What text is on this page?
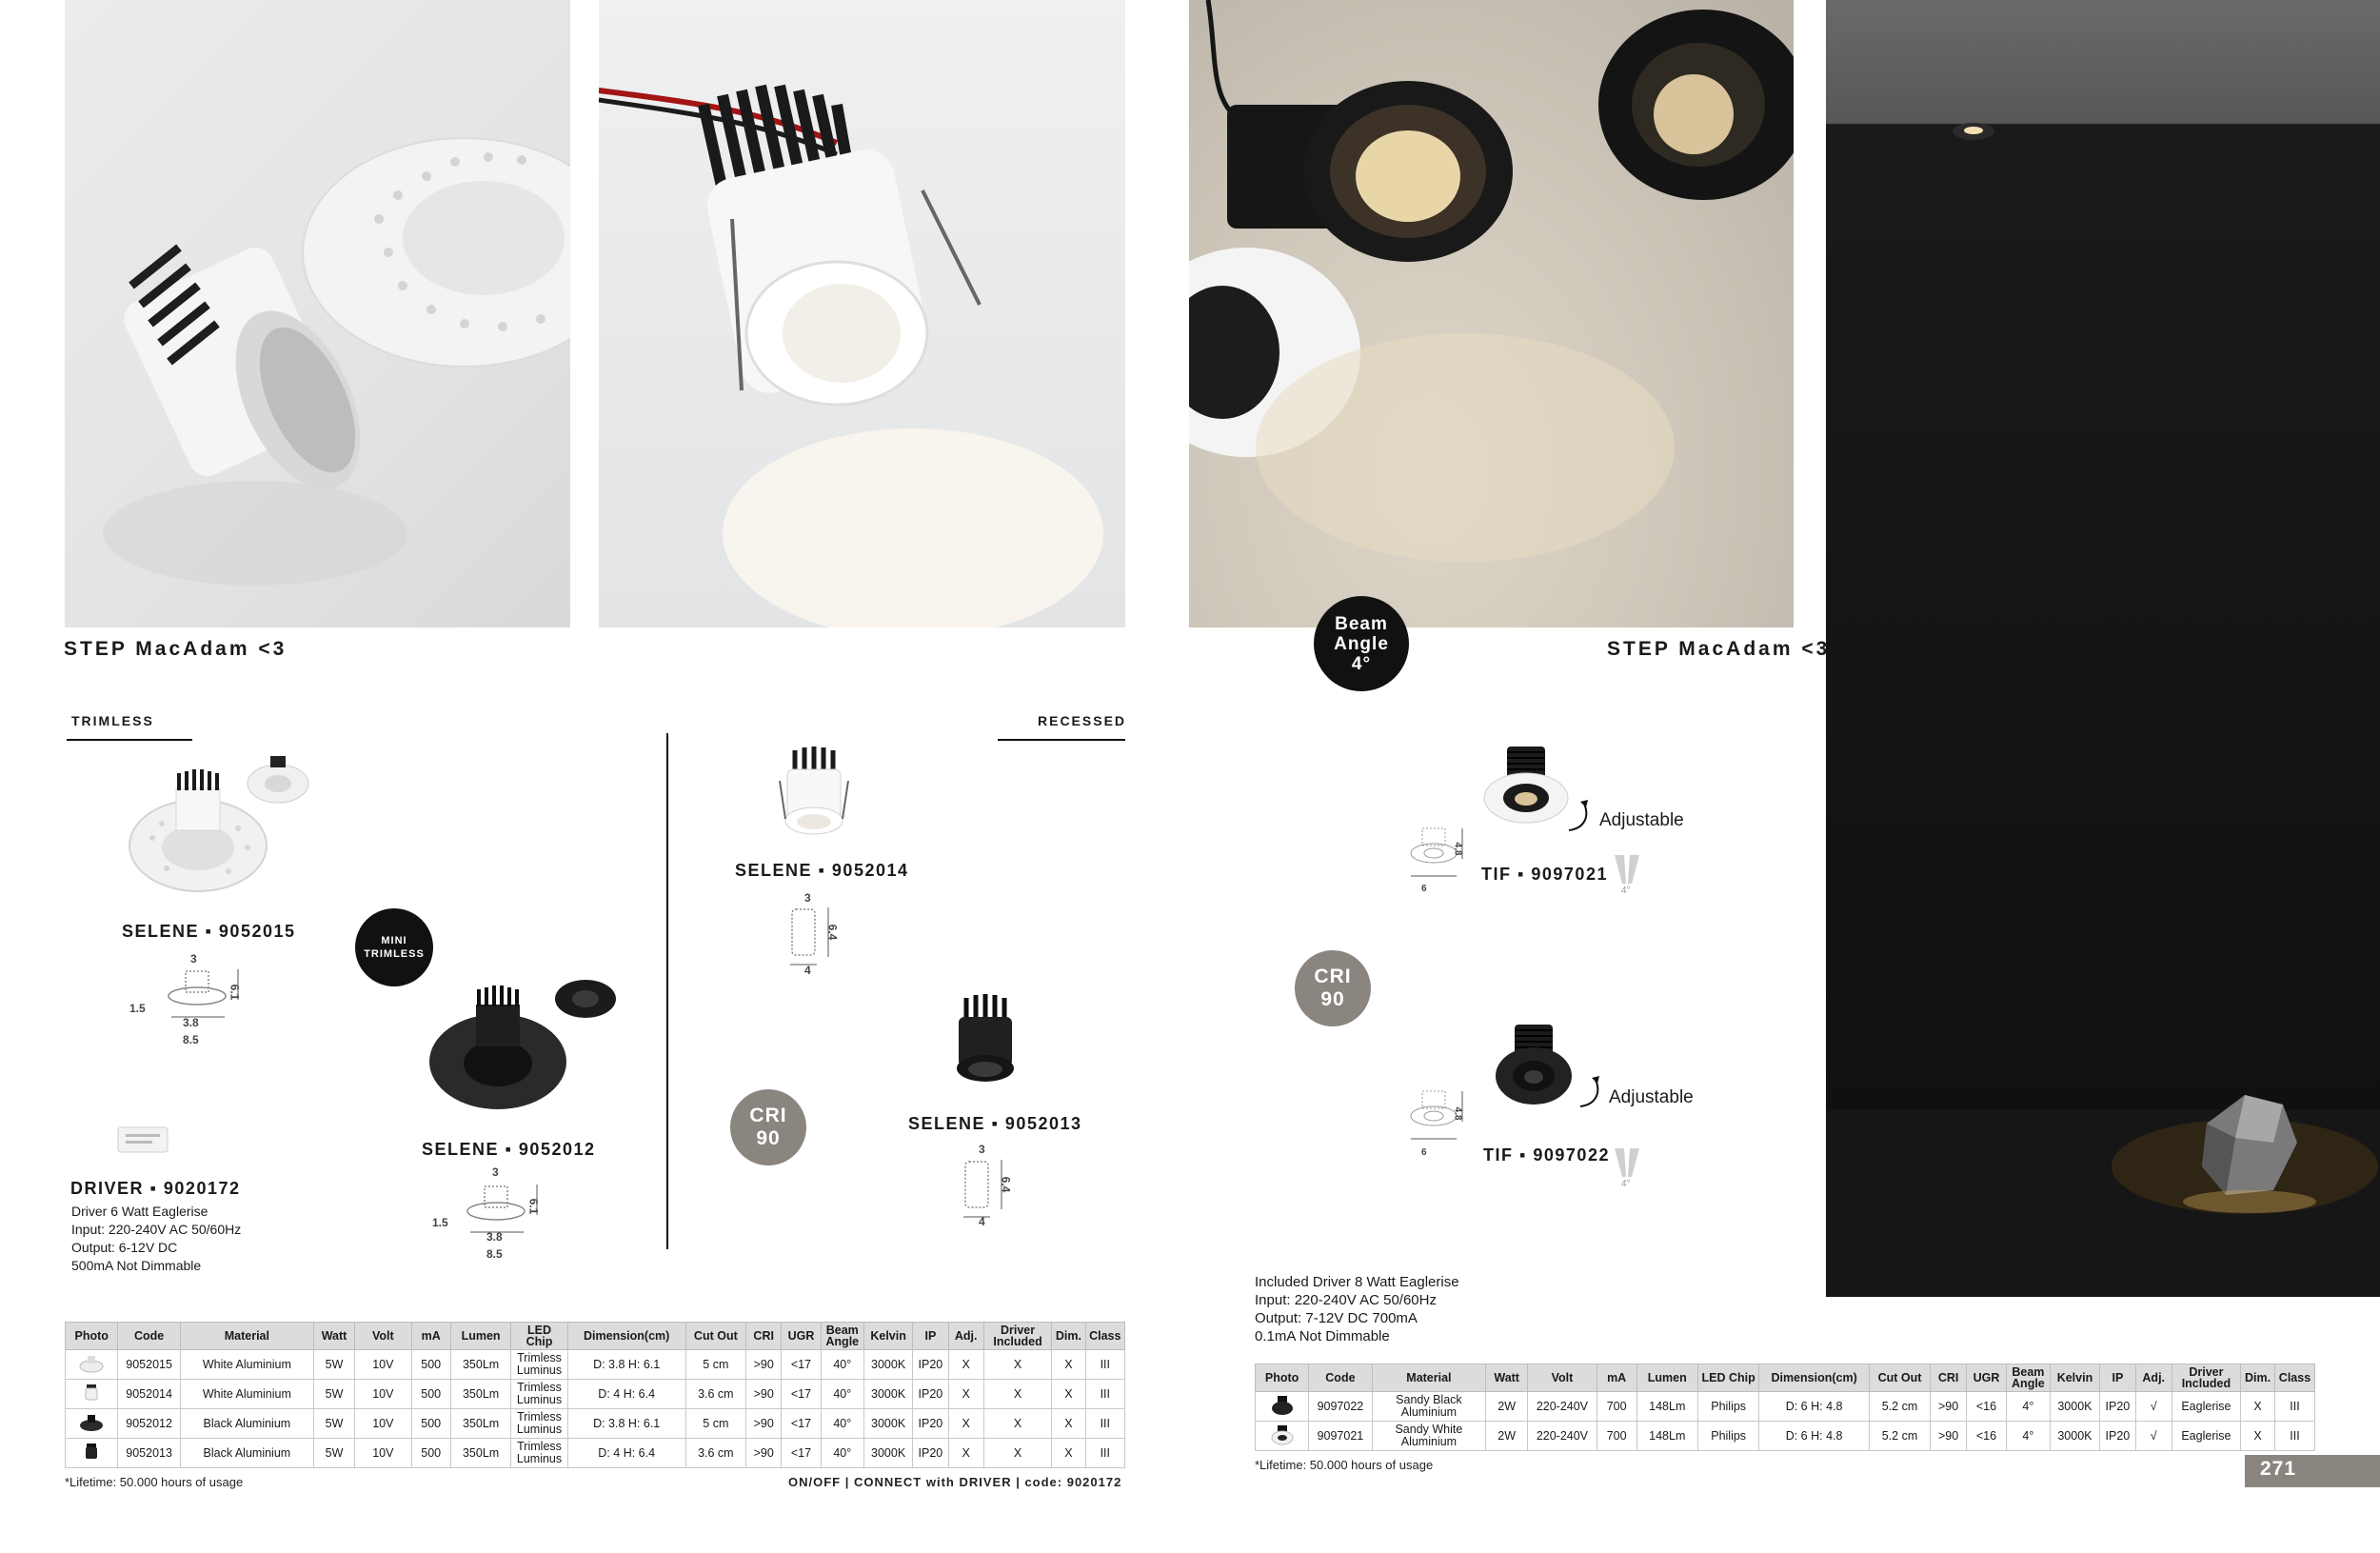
STEP MacAdam <3	STEP MacAdam <3
Beam
Angle
4°
TRIMLESS	RECESSED
SELENE ▪ 9052015
3
1.5
6.1
3.8
8.5
MINI
TRIMLESS
SELENE ▪ 9052012
3
1.5
6.1
3.8
8.5
DRIVER ▪ 9020172
Driver 6 Watt Eaglerise
Input: 220-240V AC 50/60Hz
Output: 6-12V DC
500mA Not Dimmable
SELENE ▪ 9052014
3
6.4
4
CRI
90
SELENE ▪ 9052013
3
6.4
4
Photo	Code	Material	Watt	Volt	mA	Lumen	LED Chip	Dimension(cm)	Cut Out	CRI	UGR	Beam Angle	Kelvin	IP	Adj.	Driver Included	Dim.	Class
	9052015	White Aluminium	5W	10V	500	350Lm	Trimless Luminus	D: 3.8 H: 6.1	5 cm	>90	<17	40°	3000K	IP20	X	X	X	III
	9052014	White Aluminium	5W	10V	500	350Lm	Trimless Luminus	D: 4 H: 6.4	3.6 cm	>90	<17	40°	3000K	IP20	X	X	X	III
	9052012	Black Aluminium	5W	10V	500	350Lm	Trimless Luminus	D: 3.8 H: 6.1	5 cm	>90	<17	40°	3000K	IP20	X	X	X	III
	9052013	Black Aluminium	5W	10V	500	350Lm	Trimless Luminus	D: 4 H: 6.4	3.6 cm	>90	<17	40°	3000K	IP20	X	X	X	III
*Lifetime: 50.000 hours of usage	ON/OFF | CONNECT with DRIVER | code: 9020172
Adjustable
4.8
6
TIF ▪ 9097021
4°
CRI
90
Adjustable
4.8
6	TIF ▪ 9097022
4°
Included Driver 8 Watt Eaglerise
Input: 220-240V AC 50/60Hz
Output: 7-12V DC 700mA
0.1mA Not Dimmable
Photo	Code	Material	Watt	Volt	mA	Lumen	LED Chip	Dimension(cm)	Cut Out	CRI	UGR	Beam Angle	Kelvin	IP	Adj.	Driver Included	Dim.	Class
	9097022	Sandy Black Aluminium	2W	220-240V	700	148Lm	Philips	D: 6 H: 4.8	5.2 cm	>90	<16	4°	3000K	IP20	√	Eaglerise	X	III
	9097021	Sandy White Aluminium	2W	220-240V	700	148Lm	Philips	D: 6 H: 4.8	5.2 cm	>90	<16	4°	3000K	IP20	√	Eaglerise	X	III
*Lifetime: 50.000 hours of usage	271
